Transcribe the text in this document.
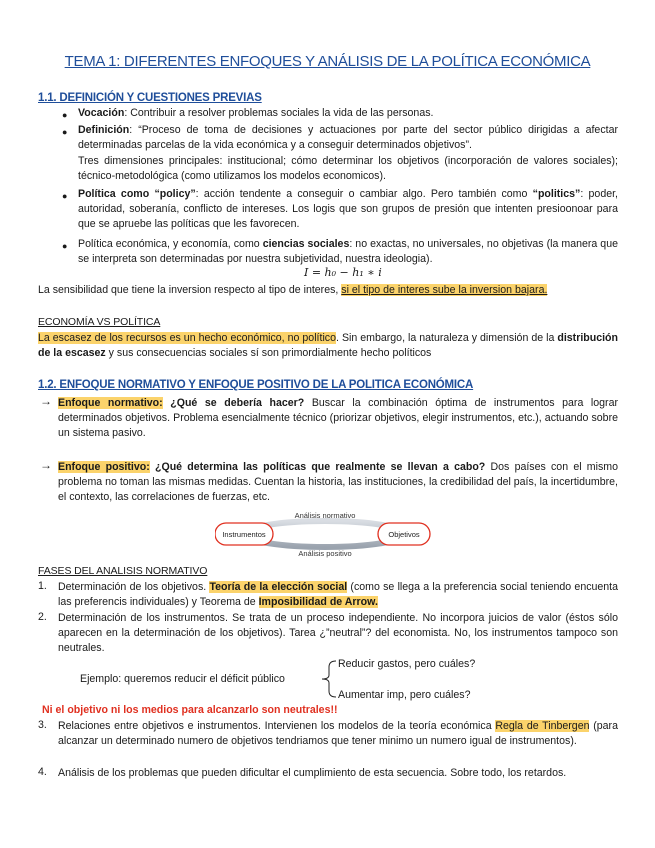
TEMA 1: DIFERENTES ENFOQUES Y ANÁLISIS DE LA POLÍTICA ECONÓMICA
1.1. DEFINICIÓN Y CUESTIONES PREVIAS
● Vocación: Contribuir a resolver problemas sociales la vida de las personas.
● Definición: “Proceso de toma de decisiones y actuaciones por parte del sector público dirigidas a afectar determinadas parcelas de la vida económica y a conseguir determinados objetivos”.
Tres dimensiones principales: institucional; cómo determinar los objetivos (incorporación de valores sociales); técnico-metodológica (como utilizamos los modelos economicos).
● Política como “policy”: acción tendente a conseguir o cambiar algo. Pero también como “politics”: poder, autoridad, soberanía, conflicto de intereses. Los logis que son grupos de presión que intenten presioonoar para que se apruebe las políticas que les favorecen.
● Política económica, y economía, como ciencias sociales: no exactas, no universales, no objetivas (la manera que se interpreta son determinadas por nuestra subjetividad, nuestra ideologia).
I = h₀ − h₁ ∗ i
La sensibilidad que tiene la inversion respecto al tipo de interes, si el tipo de interes sube la inversion bajara.
ECONOMÍA VS POLÍTICA
La escasez de los recursos es un hecho económico, no político. Sin embargo, la naturaleza y dimensión de la distribución de la escasez y sus consecuencias sociales sí son primordialmente hecho políticos
1.2. ENFOQUE NORMATIVO Y ENFOQUE POSITIVO DE LA POLITICA ECONÓMICA
→ Enfoque normativo: ¿Qué se debería hacer? Buscar la combinación óptima de instrumentos para lograr determinados objetivos. Problema esencialmente técnico (priorizar objetivos, elegir instrumentos, etc.), actuando sobre un sistema pasivo.
→ Enfoque positivo: ¿Qué determina las políticas que realmente se llevan a cabo? Dos países con el mismo problema no toman las mismas medidas. Cuentan la historia, las instituciones, la credibilidad del país, la incertidumbre, el contexto, las correlaciones de fuerzas, etc.
Instrumentos	Objetivos
Análisis normativo
Análisis positivo
FASES DEL ANALISIS NORMATIVO
1. Determinación de los objetivos. Teoría de la elección social (como se llega a la preferencia social teniendo encuenta las preferencis individuales) y Teorema de Imposibilidad de Arrow.
2. Determinación de los instrumentos. Se trata de un proceso independiente. No incorpora juicios de valor (éstos sólo aparecen en la determinación de los objetivos). Tarea ¿”neutral”? del economista. No, los instrumentos tampoco son neutrales.
Ejemplo: queremos reducir el déficit público
Reducir gastos, pero cuáles?
Aumentar imp, pero cuáles?
Ni el objetivo ni los medios para alcanzarlo son neutrales!!
3. Relaciones entre objetivos e instrumentos. Intervienen los modelos de la teoría económica Regla de Tinbergen (para alcanzar un determinado numero de objetivos tendriamos que tener minimo un numero igual de instrumentos).
4. Análisis de los problemas que pueden dificultar el cumplimiento de esta secuencia. Sobre todo, los retardos.
